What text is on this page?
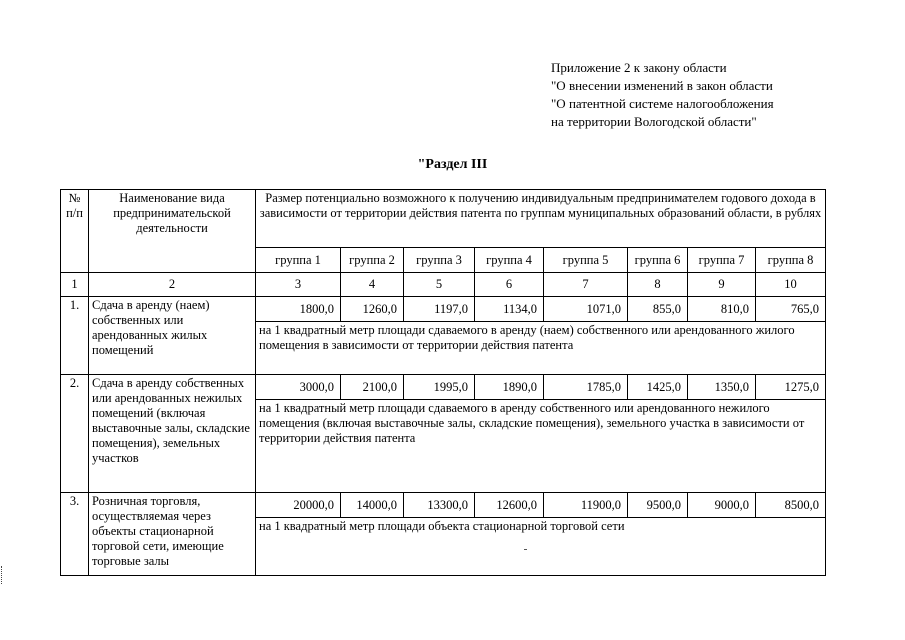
Приложение 2 к закону области
"О внесении изменений в закон области
"О патентной системе налогообложения
на территории Вологодской области"
"Раздел III
№ п/п	Наименование вида предпринимательской деятельности	Размер потенциально возможного к получению индивидуальным предпринимателем годового дохода в зависимости от территории действия патента по группам муниципальных образований области, в рублях							
		группа 1	группа 2	группа 3	группа 4	группа 5	группа 6	группа 7	группа 8
1	2	3	4	5	6	7	8	9	10
1.	Сдача в аренду (наем) собственных или арендованных жилых помещений	1800,0	1260,0	1197,0	1134,0	1071,0	855,0	810,0	765,0
		на 1 квадратный метр площади сдаваемого в аренду (наем) собственного или арендованного жилого помещения в зависимости от территории действия патента							
2.	Сдача в аренду собственных или арендованных нежилых помещений (включая выставочные залы, складские помещения), земельных участков	3000,0	2100,0	1995,0	1890,0	1785,0	1425,0	1350,0	1275,0
		на 1 квадратный метр площади сдаваемого в аренду собственного или арендованного нежилого помещения (включая выставочные залы, складские помещения), земельного участка в зависимости от территории действия патента							
3.	Розничная торговля, осуществляемая через объекты стационарной торговой сети, имеющие торговые залы	20000,0	14000,0	13300,0	12600,0	11900,0	9500,0	9000,0	8500,0
		на 1 квадратный метр площади объекта стационарной торговой сети							
